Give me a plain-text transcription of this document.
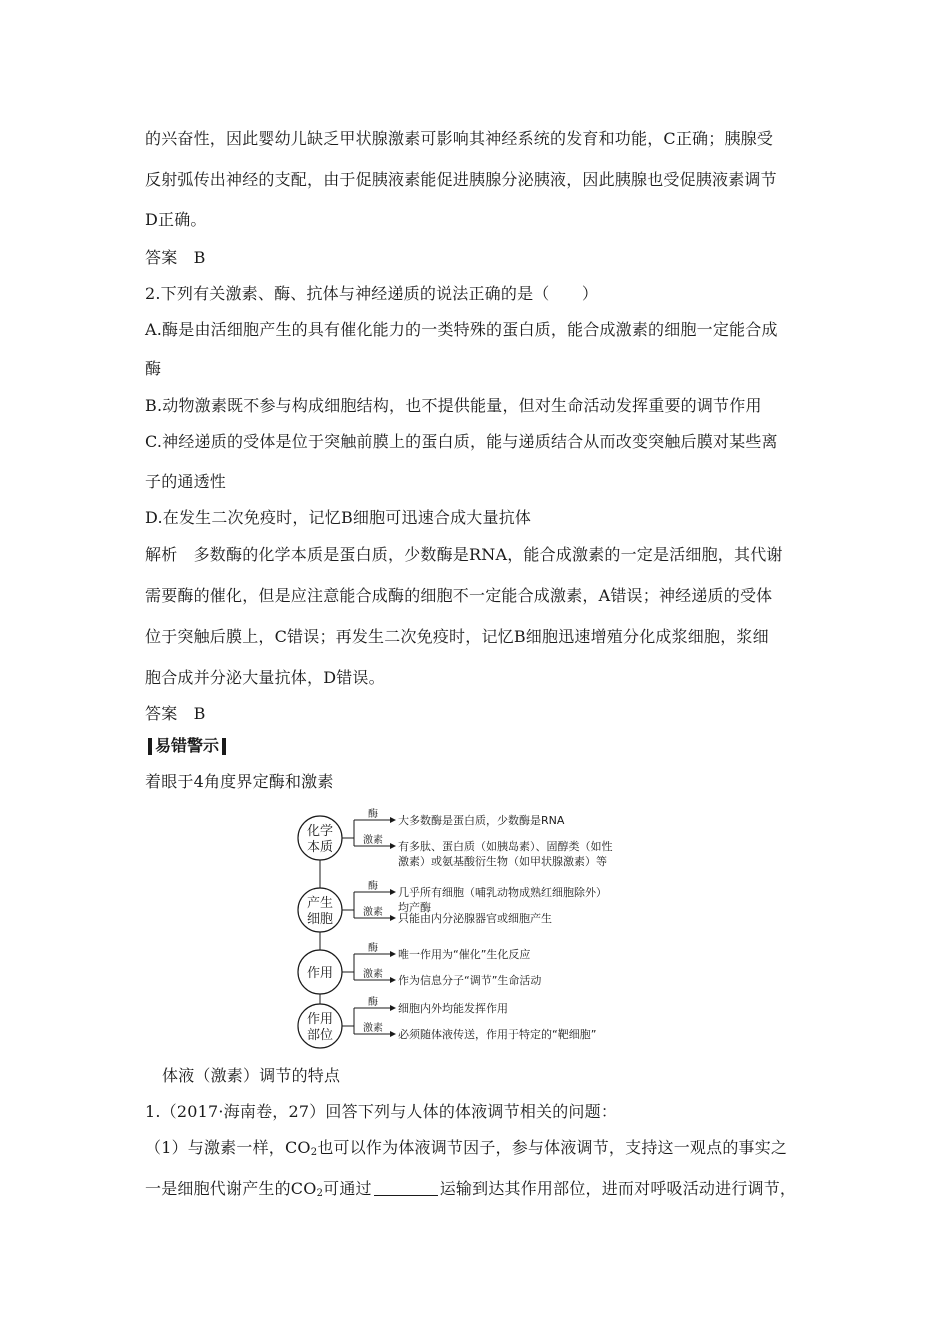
的兴奋性，因此婴幼儿缺乏甲状腺激素可影响其神经系统的发育和功能，C正确；胰腺受
反射弧传出神经的支配，由于促胰液素能促进胰腺分泌胰液，因此胰腺也受促胰液素调节
D正确。
答案　B
2.下列有关激素、酶、抗体与神经递质的说法正确的是（　　）
A.酶是由活细胞产生的具有催化能力的一类特殊的蛋白质，能合成激素的细胞一定能合成
酶
B.动物激素既不参与构成细胞结构，也不提供能量，但对生命活动发挥重要的调节作用
C.神经递质的受体是位于突触前膜上的蛋白质，能与递质结合从而改变突触后膜对某些离
子的通透性
D.在发生二次免疫时，记忆B细胞可迅速合成大量抗体
解析　多数酶的化学本质是蛋白质，少数酶是RNA，能合成激素的一定是活细胞，其代谢
需要酶的催化，但是应注意能合成酶的细胞不一定能合成激素，A错误；神经递质的受体
位于突触后膜上，C错误；再发生二次免疫时，记忆B细胞迅速增殖分化成浆细胞，浆细
胞合成并分泌大量抗体，D错误。
答案　B
易错警示
着眼于4角度界定酶和激素
化学
本质
酶 大多数酶是蛋白质，少数酶是RNA
激素 有多肽、蛋白质（如胰岛素）、固醇类（如性
激素）或氨基酸衍生物（如甲状腺激素）等
产生
细胞
酶 几乎所有细胞（哺乳动物成熟红细胞除外）
均产酶
激素 只能由内分泌腺器官或细胞产生
作用
酶 唯一作用为“催化”生化反应
激素 作为信息分子“调节”生命活动
作用
部位
酶 细胞内外均能发挥作用
激素 必须随体液传送，作用于特定的“靶细胞”
体液（激素）调节的特点
1.（2017·海南卷，27）回答下列与人体的体液调节相关的问题：
（1）与激素一样，$CO_2$也可以作为体液调节因子，参与体液调节，支持这一观点的事实之
一是细胞代谢产生的$CO_2$可通过	运输到达其作用部位，进而对呼吸活动进行调节，
